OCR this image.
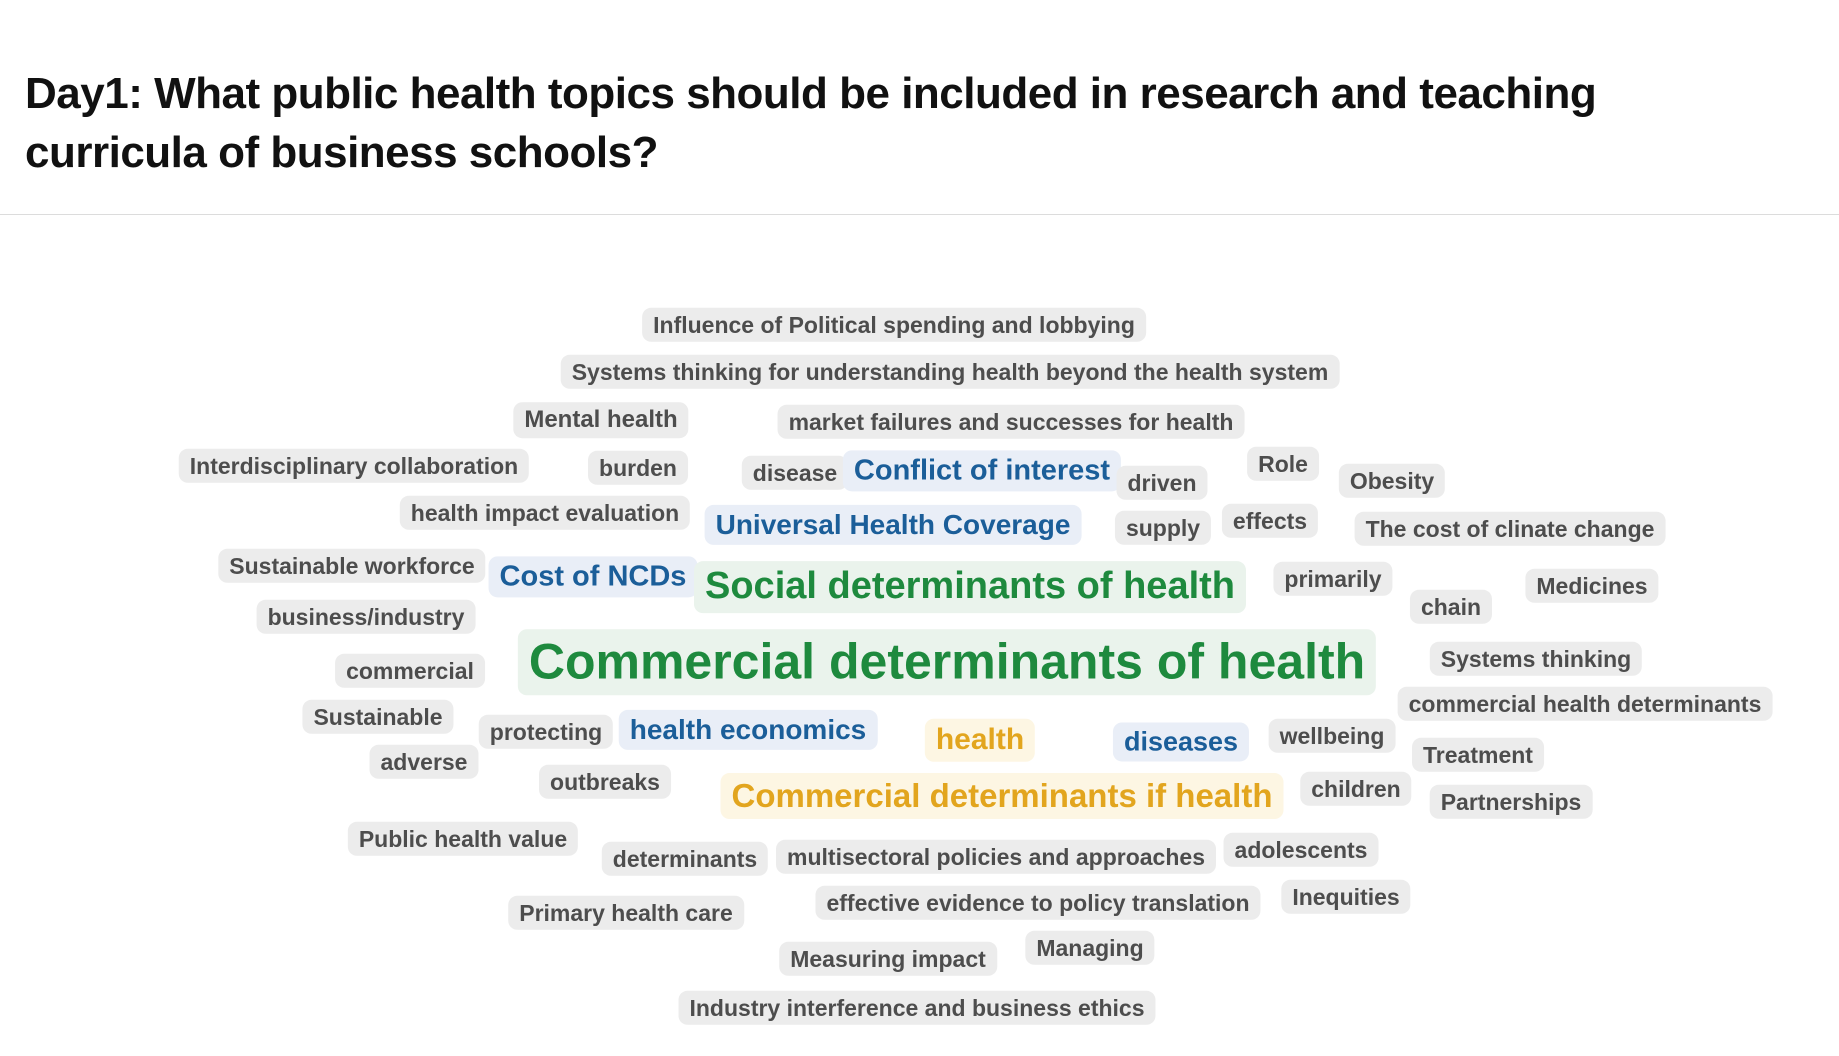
Day1: What public health topics should be included in research and teaching
curricula of business schools?
Influence of Political spending and lobbying
Systems thinking for understanding health beyond the health system
Mental health	market failures and successes for health
Interdisciplinary collaboration	burden	disease Conflict of interest driven
Role
Obesity
health impact evaluation	Universal Health Coverage	supply	effects	The cost of clinate change
Sustainable workforce Cost of NCDs Social determinants of health	primarily
chain
Medicines
business/industry
commercial Commercial determinants of health	Systems thinking
commercial health determinants
Sustainable
protecting health economics	health	diseases	wellbeing
Treatment
adverse
outbreaks	Commercial determinants if health	children	Partnerships
Public health value
determinants	multisectoral policies and approaches	adolescents
Primary health care	effective evidence to policy translation	Inequities
Measuring impact	Managing
Industry interference and business ethics
